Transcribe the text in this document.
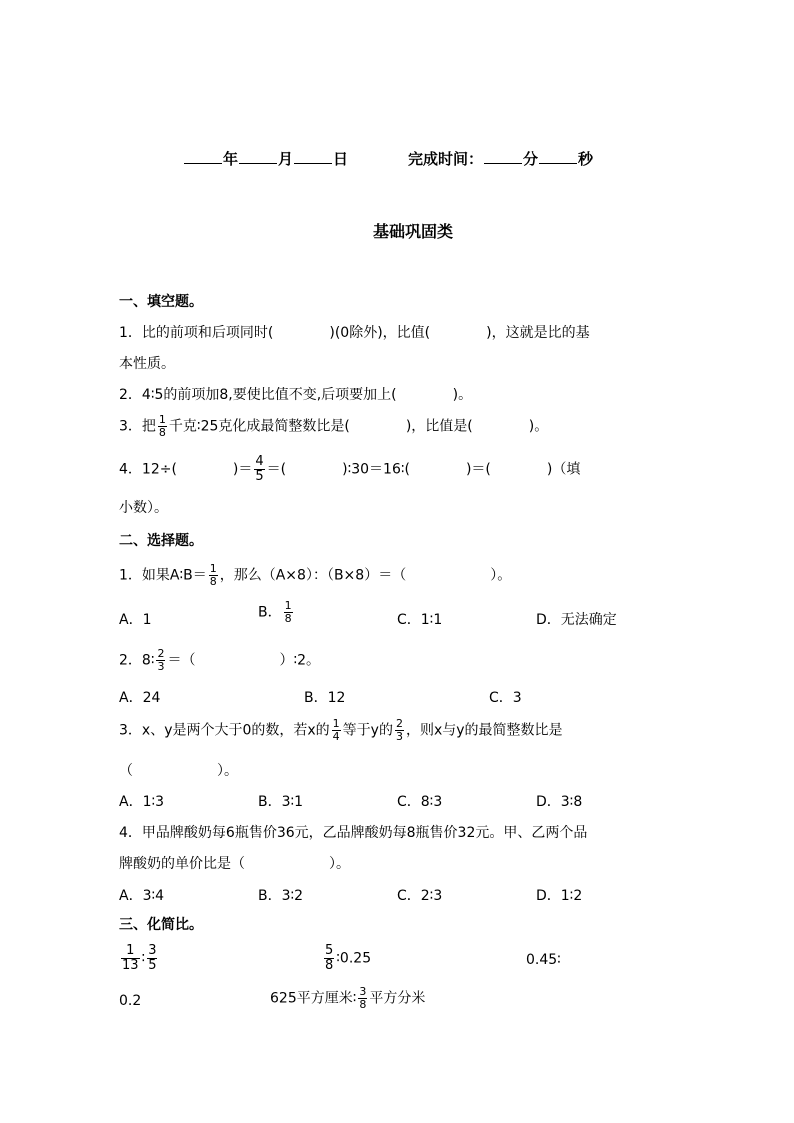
年	月	日	完成时间：	分	秒
基础巩固类
一、填空题。
1．比的前项和后项同时(　　　　)(0除外)，比值(　　　　)，这就是比的基
本性质。
2．4∶5的前项加8,要使比值不变,后项要加上(　　　　)。
3．把 $\frac{1}{8}$ 千克∶25克化成最简整数比是(　　　　)，比值是(　　　　)。
4．12÷(　　　　)＝ $\frac{4}{5}$ ＝(　　　　)∶30＝16∶(　　　　)＝(　　　　)（填
小数）。
二、选择题。
1．如果A∶B＝ $\frac{1}{8}$ ，那么（A×8）：（B×8）＝（　　　　　　）。
A．1	B． $\frac{1}{8}$	C．1∶1	D．无法确定
2．8∶ $\frac{2}{3}$ ＝（　　　　　　）∶2。
A．24	B．12	C．3
3．x、y是两个大于0的数，若x的 $\frac{1}{4}$ 等于y的 $\frac{2}{3}$ ，则x与y的最简整数比是
（　　　　　　）。
A．1∶3	B．3∶1	C．8∶3	D．3∶8
4．甲品牌酸奶每6瓶售价36元，乙品牌酸奶每8瓶售价32元。甲、乙两个品
牌酸奶的单价比是（　　　　　　）。
A．3∶4	B．3∶2	C．2∶3	D．1∶2
三、化简比。
$\frac{1}{13}$ ∶ $\frac{3}{5}$	$\frac{5}{8}$ ∶0.25	0.45∶
0.2	625平方厘米∶ $\frac{3}{8}$ 平方分米
